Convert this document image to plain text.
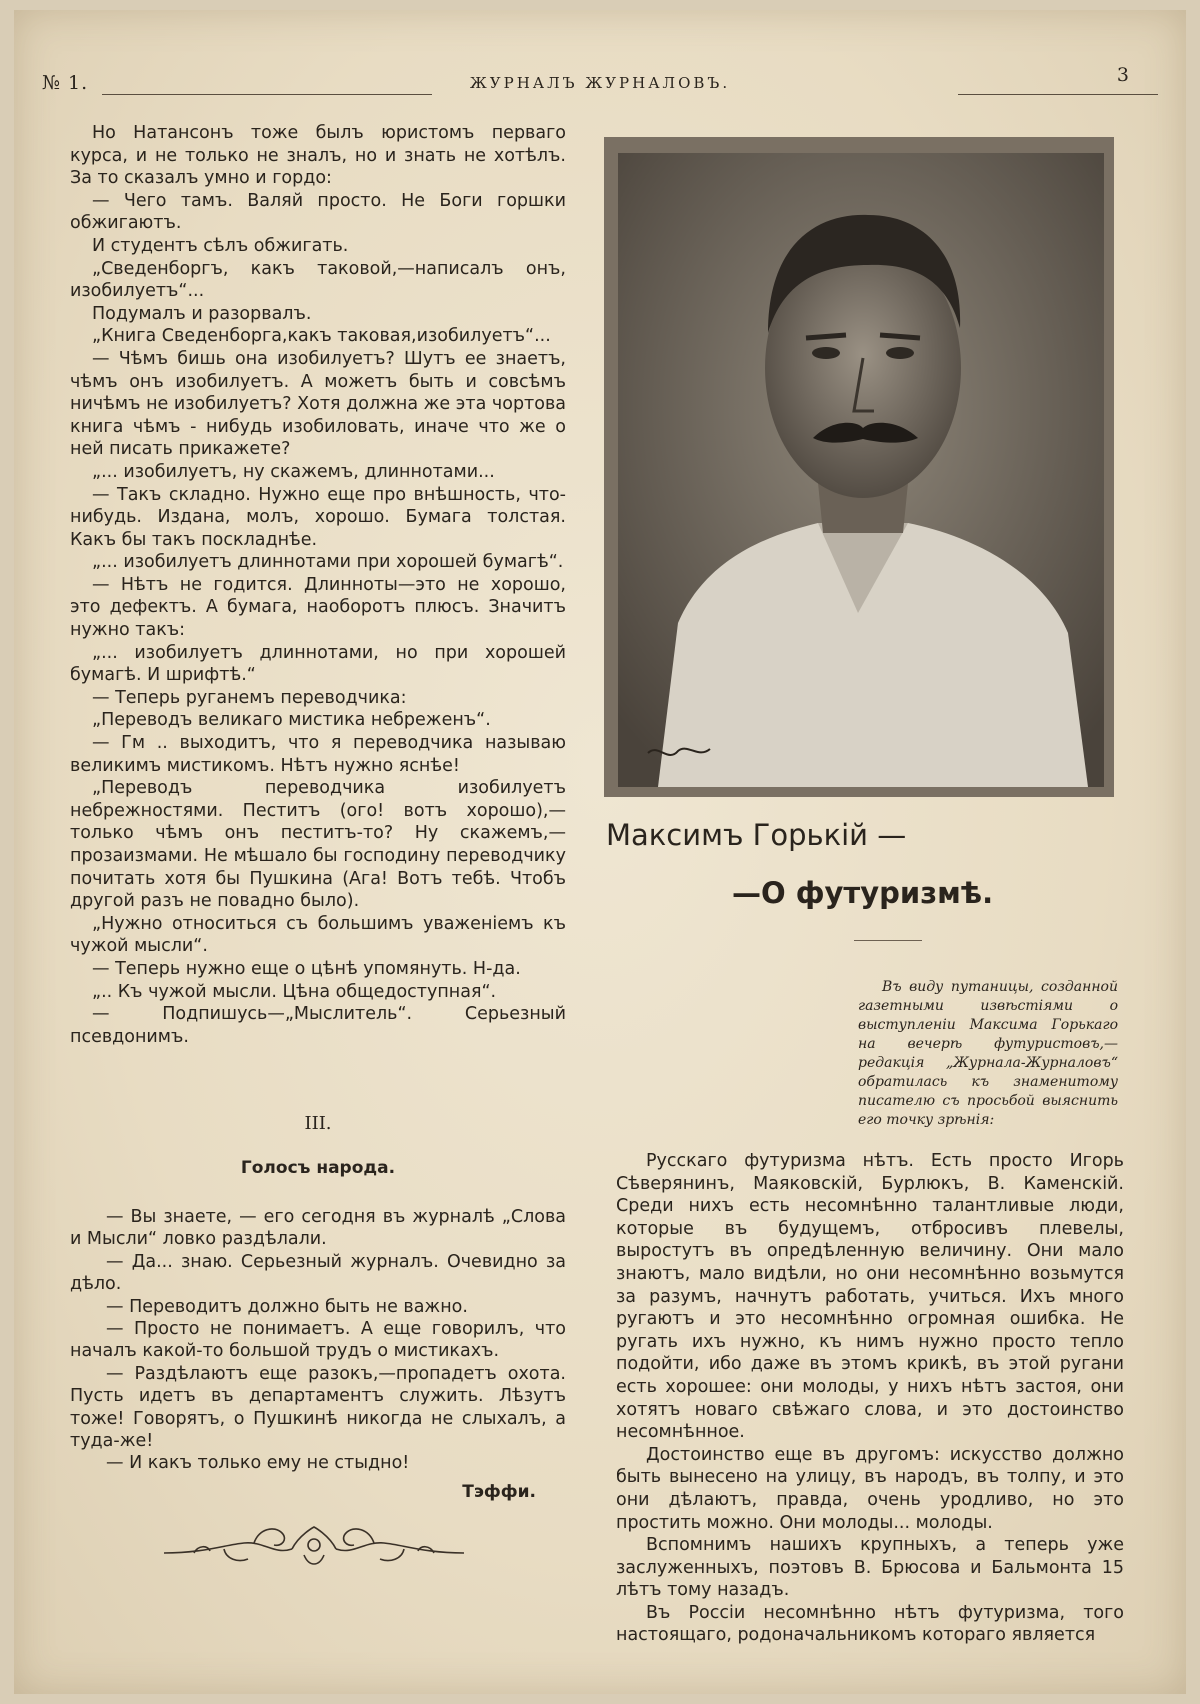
№ 1.	ЖУРНАЛЪ ЖУРНАЛОВЪ.	3

Но Натансонъ тоже былъ юристомъ перваго курса, и не только не зналъ, но и знать не хотѣлъ. За то сказалъ умно и гордо:

— Чего тамъ. Валяй просто. Не Боги горшки обжигаютъ.

И студентъ сѣлъ обжигать.

„Сведенборгъ, какъ таковой,—написалъ онъ, изобилуетъ“...

Подумалъ и разорвалъ.

„Книга Сведенборга,какъ таковая,изобилуетъ“...

— Чѣмъ бишь она изобилуетъ? Шутъ ее знаетъ, чѣмъ онъ изобилуетъ. А можетъ быть и совсѣмъ ничѣмъ не изобилуетъ? Хотя должна же эта чортова книга чѣмъ - нибудь изобиловать, иначе что же о ней писать прикажете?

„... изобилуетъ, ну скажемъ, длиннотами...

— Такъ складно. Нужно еще про внѣшность, что-нибудь. Издана, молъ, хорошо. Бумага толстая. Какъ бы такъ поскладнѣе.

„... изобилуетъ длиннотами при хорошей бумагѣ“.

— Нѣтъ не годится. Длинноты—это не хорошо, это дефектъ. А бумага, наоборотъ плюсъ. Значитъ нужно такъ:

„... изобилуетъ длиннотами, но при хорошей бумагѣ. И шрифтѣ.“

— Теперь руганемъ переводчика:

„Переводъ великаго мистика небреженъ“.

— Гм .. выходитъ, что я переводчика называю великимъ мистикомъ. Нѣтъ нужно яснѣе!

„Переводъ переводчика изобилуетъ небрежностями. Пеститъ (ого! вотъ хорошо),—только чѣмъ онъ пеститъ-то? Ну скажемъ,—прозаизмами. Не мѣшало бы господину переводчику почитать хотя бы Пушкина (Ага! Вотъ тебѣ. Чтобъ другой разъ не повадно было).

„Нужно относиться съ большимъ уваженіемъ къ чужой мысли“.

— Теперь нужно еще о цѣнѣ упомянуть. Н-да.

„.. Къ чужой мысли. Цѣна общедоступная“.

— Подпишусь—„Мыслитель“. Серьезный псевдонимъ.

III.
Голосъ народа.

— Вы знаете, — его сегодня въ журналѣ „Слова и Мысли“ ловко раздѣлали.

— Да... знаю. Серьезный журналъ. Очевидно за дѣло.

— Переводитъ должно быть не важно.

— Просто не понимаетъ. А еще говорилъ, что началъ какой-то большой трудъ о мистикахъ.

— Раздѣлаютъ еще разокъ,—пропадетъ охота. Пусть идетъ въ департаментъ служить. Лѣзутъ тоже! Говорятъ, о Пушкинѣ никогда не слыхалъ, а туда-же!

— И какъ только ему не стыдно!

Тэффи.
Максимъ Горькій —
—О футуризмѣ.

Въ виду путаницы, созданной газетными извѣстіями о выступленіи Максима Горькаго на вечерѣ футуристовъ,— редакція „Журнала-Журналовъ“ обратилась къ знаменитому писателю съ просьбой выяснить его точку зрѣнія:

Русскаго футуризма нѣтъ. Есть просто Игорь Сѣверянинъ, Маяковскій, Бурлюкъ, В. Каменскій. Среди нихъ есть несомнѣнно талантливые люди, которые въ будущемъ, отбросивъ плевелы, выростутъ въ опредѣленную величину. Они мало знаютъ, мало видѣли, но они несомнѣнно возьмутся за разумъ, начнутъ работать, учиться. Ихъ много ругаютъ и это несомнѣнно огромная ошибка. Не ругать ихъ нужно, къ нимъ нужно просто тепло подойти, ибо даже въ этомъ крикѣ, въ этой ругани есть хорошее: они молоды, у нихъ нѣтъ застоя, они хотятъ новаго свѣжаго слова, и это достоинство несомнѣнное.

Достоинство еще въ другомъ: искусство должно быть вынесено на улицу, въ народъ, въ толпу, и это они дѣлаютъ, правда, очень уродливо, но это простить можно. Они молоды... молоды.

Вспомнимъ нашихъ крупныхъ, а теперь уже заслуженныхъ, поэтовъ В. Брюсова и Бальмонта 15 лѣтъ тому назадъ.

Въ Россіи несомнѣнно нѣтъ футуризма, того настоящаго, родоначальникомъ котораго является
